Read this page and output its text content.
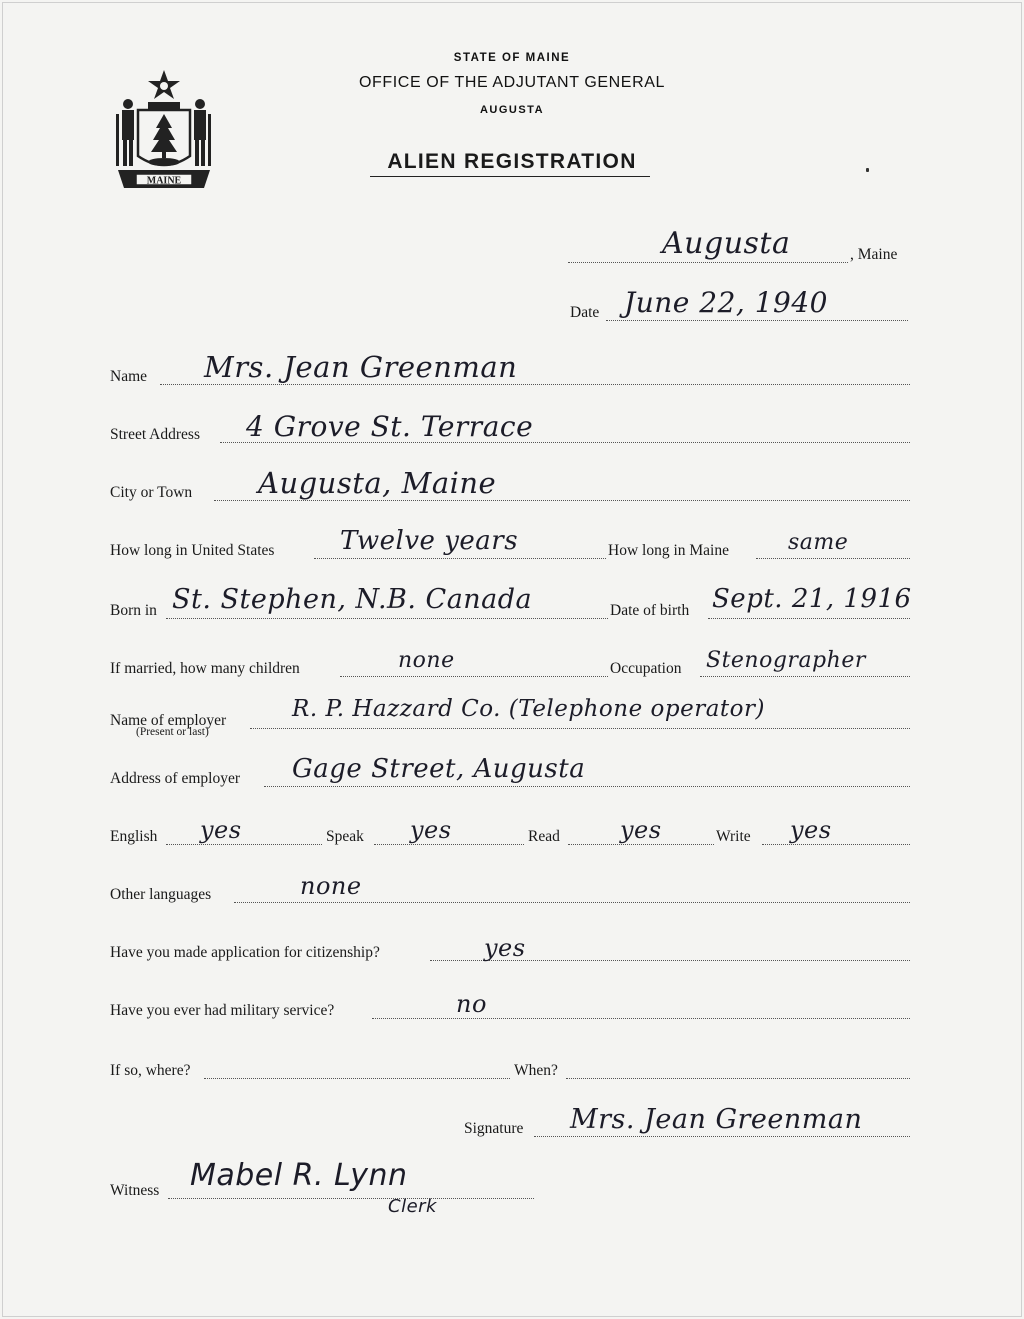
MAINE
STATE OF MAINE
OFFICE OF THE ADJUTANT GENERAL
AUGUSTA
ALIEN REGISTRATION
Augusta	, Maine
Date June 22, 1940
Name Mrs. Jean Greenman
Street Address 4 Grove St. Terrace
City or Town Augusta, Maine
How long in United States	Twelve years	How long in Maine	same
Born in St. Stephen, N.B. Canada	Date of birth Sept. 21, 1916
If married, how many children	none	Occupation Stenographer
Name of employer
(Present or last)
R. P. Hazzard Co. (Telephone operator)
Address of employer Gage Street, Augusta
English yes	Speak yes	Read	yes	Write yes
Other languages	none
Have you made application for citizenship?	yes
Have you ever had military service?	no
If so, where?	When?
Signature Mrs. Jean Greenman
Witness Mabel R. Lynn
Clerk
